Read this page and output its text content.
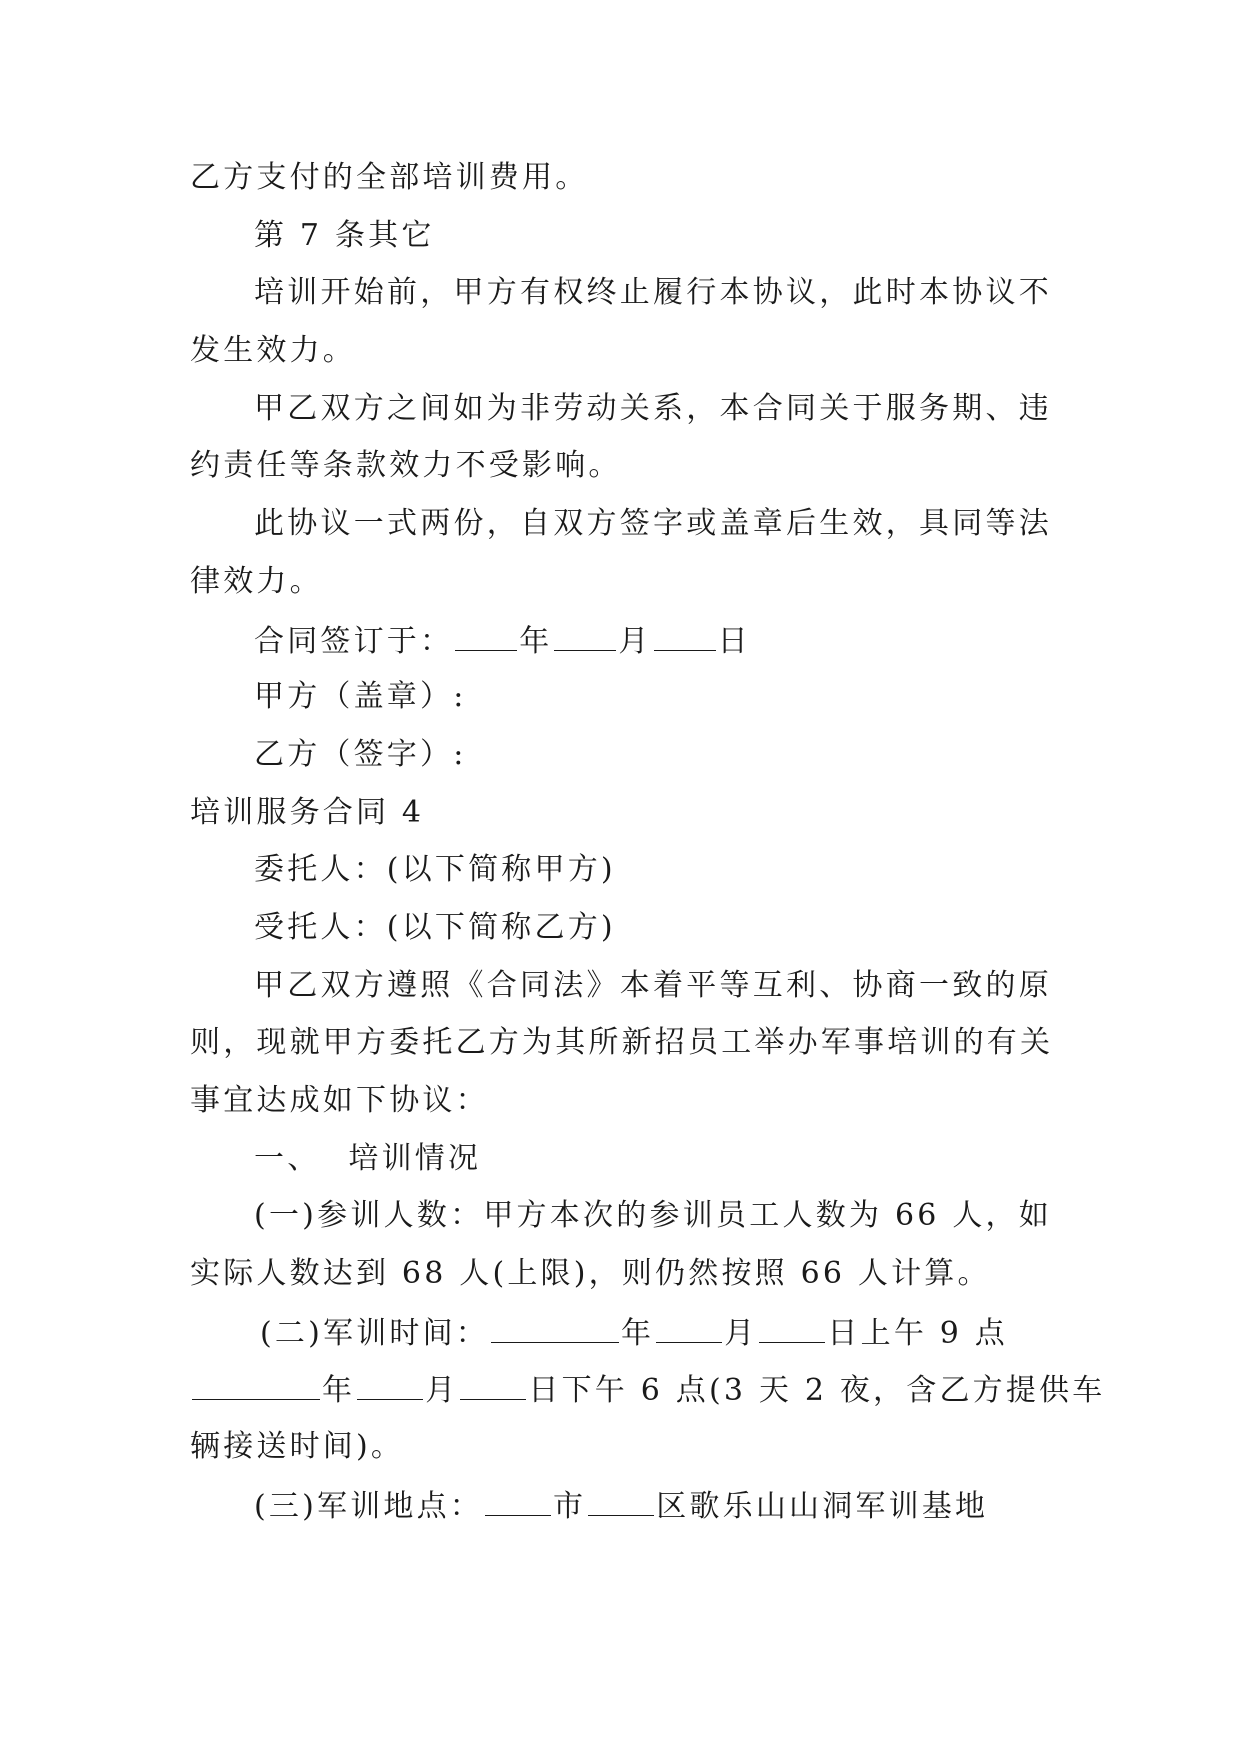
乙方支付的全部培训费用。
第 7 条其它
培训开始前，甲方有权终止履行本协议，此时本协议不
发生效力。
甲乙双方之间如为非劳动关系，本合同关于服务期、违
约责任等条款效力不受影响。
此协议一式两份，自双方签字或盖章后生效，具同等法
律效力。
合同签订于： 年 月 日
甲方（盖章）:
乙方（签字）:
培训服务合同 4
委托人：(以下简称甲方)
受托人：(以下简称乙方)
甲乙双方遵照《合同法》本着平等互利、协商一致的原
则，现就甲方委托乙方为其所新招员工举办军事培训的有关
事宜达成如下协议：
一、 培训情况
(一)参训人数：甲方本次的参训员工人数为 66 人，如
实际人数达到 68 人(上限)，则仍然按照 66 人计算。
(二)军训时间：	年 月 日上午 9 点
年 月 日下午 6 点(3 天 2 夜，含乙方提供车
辆接送时间)。
(三)军训地点： 市 区歌乐山山洞军训基地
